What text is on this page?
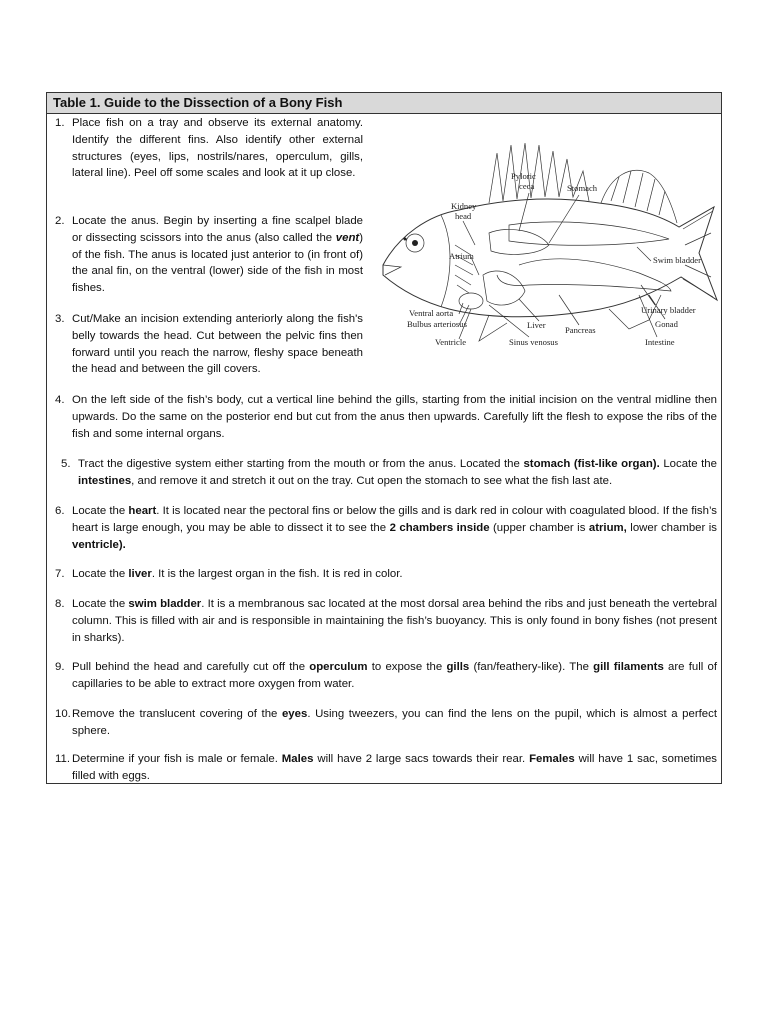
Table 1. Guide to the Dissection of a Bony Fish
1. Place fish on a tray and observe its external anatomy. Identify the different fins. Also identify other external structures (eyes, lips, nostrils/nares, operculum, gills, lateral line). Peel off some scales and look at it up close.
2. Locate the anus. Begin by inserting a fine scalpel blade or dissecting scissors into the anus (also called the vent) of the fish. The anus is located just anterior to (in front of) the anal fin, on the ventral (lower) side of the fish in most fishes.
3. Cut/Make an incision extending anteriorly along the fish's belly towards the head. Cut between the pelvic fins then forward until you reach the narrow, fleshy space beneath the head and between the gill covers.
4. On the left side of the fish’s body, cut a vertical line behind the gills, starting from the initial incision on the ventral midline then upwards. Do the same on the posterior end but cut from the anus then upwards. Carefully lift the flesh to expose the ribs of the fish and some internal organs.
5. Tract the digestive system either starting from the mouth or from the anus. Located the stomach (fist-like organ). Locate the intestines, and remove it and stretch it out on the tray. Cut open the stomach to see what the fish last ate.
6. Locate the heart. It is located near the pectoral fins or below the gills and is dark red in colour with coagulated blood. If the fish’s heart is large enough, you may be able to dissect it to see the 2 chambers inside (upper chamber is atrium, lower chamber is ventricle).
7. Locate the liver. It is the largest organ in the fish. It is red in color.
8. Locate the swim bladder. It is a membranous sac located at the most dorsal area behind the ribs and just beneath the vertebral column. This is filled with air and is responsible in maintaining the fish’s buoyancy. This is only found in bony fishes (not present in sharks).
9. Pull behind the head and carefully cut off the operculum to expose the gills (fan/feathery-like). The gill filaments are full of capillaries to be able to extract more oxygen from water.
10. Remove the translucent covering of the eyes. Using tweezers, you can find the lens on the pupil, which is almost a perfect sphere.
11. Determine if your fish is male or female. Males will have 2 large sacs towards their rear. Females will have 1 sac, sometimes filled with eggs.
Pyloric
ceca	Stomach
Kidney
head
Atrium	Swim bladder
Urinary bladder
Gonad
Intestine
Pancreas
Liver
Sinus venosus
Ventricle
Bulbus arteriosus
Ventral aorta
